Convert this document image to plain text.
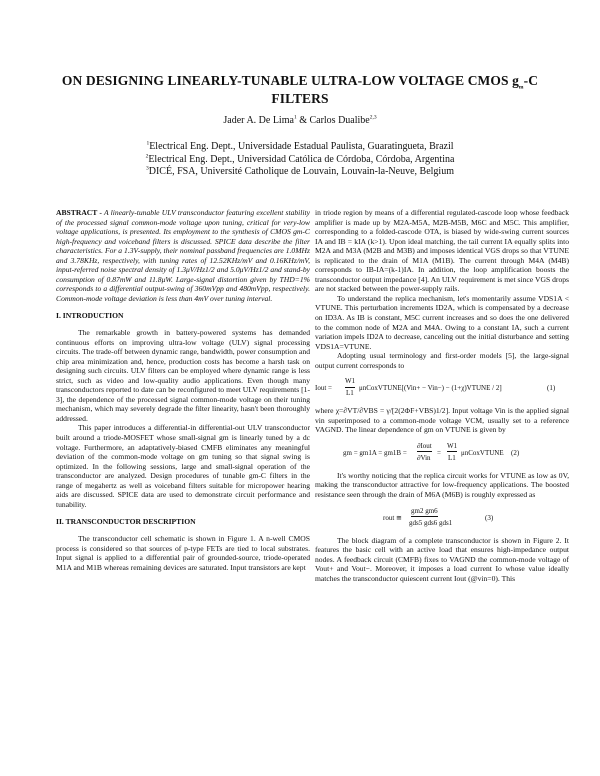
ON DESIGNING LINEARLY-TUNABLE ULTRA-LOW VOLTAGE CMOS $g_m-C$
FILTERS
Jader A. De Lima$^1$ & Carlos Dualibe$^{2,3}$
$^1$Electrical Eng. Dept., Universidade Estadual Paulista, Guaratingueta, Brazil
$^2$Electrical Eng. Dept., Universidad Católica de Córdoba, Córdoba, Argentina
$^3$DICÉ, FSA, Université Catholique de Louvain, Louvain-la-Neuve, Belgium

ABSTRACT - A linearly-tunable ULV transconductor featuring excellent stability of the processed signal common-mode voltage upon tuning, critical for very-low voltage applications, is presented. Its employment to the synthesis of CMOS gm-C high-frequency and voiceband filters is discussed. SPICE data describe the filter characteristics. For a 1.3V-supply, their nominal passband frequencies are 1.0MHz and 3.78KHz, respectively, with tuning rates of 12.52KHz/mV and 0.16KHz/mV, input-referred noise spectral density of 1.3μV/Hz1/2 and 5.0μV/Hz1/2 and stand-by consumption of 0.87mW and 11.8μW. Large-signal distortion given by THD=1% corresponds to a differential output-swing of 360mVpp and 480mVpp, respectively. Common-mode voltage deviation is less than 4mV over tuning interval.

I. INTRODUCTION

The remarkable growth in battery-powered systems has demanded continuous efforts on improving ultra-low voltage (ULV) signal processing circuits. The trade-off between dynamic range, bandwidth, power consumption and chip area minimization and, hence, production costs has become a harsh task on designing such circuits. ULV filters can be employed where dynamic range is less strict, such as video and low-quality audio applications. Even though many transconductors reported to date can be reconfigured to meet ULV requirements [1-3], the dependence of the processed signal common-mode voltage on their tuning mechanism, which may severely degrade the filter linearity, hasn't been thoroughly addressed.

This paper introduces a differential-in differential-out ULV transconductor built around a triode-MOSFET whose small-signal gm is linearly tuned by a dc voltage. Furthermore, an adaptatively-biased CMFB eliminates any meaningful deviation of the common-mode voltage on gm tuning so that signal swing is optimized. In the following sessions, large and small-signal operation of the transconductor are analyzed. Design procedures of tunable gm-C filters in the range of megahertz as well as voiceband filters suitable for micropower hearing aids are discussed. SPICE data are used to demonstrate circuit performance and tunability.

II. TRANSCONDUCTOR DESCRIPTION

The transconductor cell schematic is shown in Figure 1. A n-well CMOS process is considered so that sources of p-type FETs are tied to local substrates. Input signal is applied to a differential pair of grounded-source, triode-operated M1A and M1B whereas remaining devices are saturated. Input transistors are kept

in triode region by means of a differential regulated-cascode loop whose feedback amplifier is made up by M2A-M5A, M2B-M5B, M6C and M5C. This amplifier, corresponding to a folded-cascode OTA, is biased by wide-swing current sources IA and IB = kIA (k>1). Upon ideal matching, the tail current IA equally splits into M2A and M3A (M2B and M3B) and imposes identical VGS drops so that VTUNE is replicated to the drain of M1A (M1B). The current through M4A (M4B) corresponds to IB-IA=(k-1)IA. In addition, the loop amplification boosts the transconductor output impedance [4]. An ULV requirement is met since VGS drops are not stacked between the power-supply rails.

To understand the replica mechanism, let's momentarily assume VDS1A < VTUNE. This perturbation increments ID2A, which is compensated by a decrease on ID3A. As IB is constant, M5C current increases and so does the one delivered to the common node of M2A and M4A. Owing to a constant IA, such a current variation impels ID2A to decrease, canceling out the initial disturbance and setting VDS1A=VTUNE.

Adopting usual terminology and first-order models [5], the large-signal output current corresponds to

Iout =
W1
L1
μnCoxVTUNE[(Vin+ − Vin−) − (1+χ)VTUNE / 2]	(1)

where χ=∂VT/∂VBS = γ/[2(2ΦF+VBS)1/2]. Input voltage Vin is the applied signal vin superimposed to a common-mode voltage VCM, usually set to a reference VAGND. The linear dependence of gm on VTUNE is given by

gm = gm1A = gm1B =
∂Iout
∂Vin
=
W1
L1
μnCoxVTUNE (2)

It's worthy noticing that the replica circuit works for VTUNE as low as 0V, making the transconductor attractive for low-frequency applications. The boosted resistance seen through the drain of M6A (M6B) is roughly expressed as

rout ≅
gm2 gm6
gds5 gds6 gds1
(3)

The block diagram of a complete transconductor is shown in Figure 2. It features the basic cell with an active load that ensures high-impedance output nodes. A feedback circuit (CMFB) fixes to VAGND the common-mode voltage of Vout+ and Vout−. Moreover, it imposes a load current Io whose value ideally matches the transconductor quiescent current Iout (@vin=0). This
